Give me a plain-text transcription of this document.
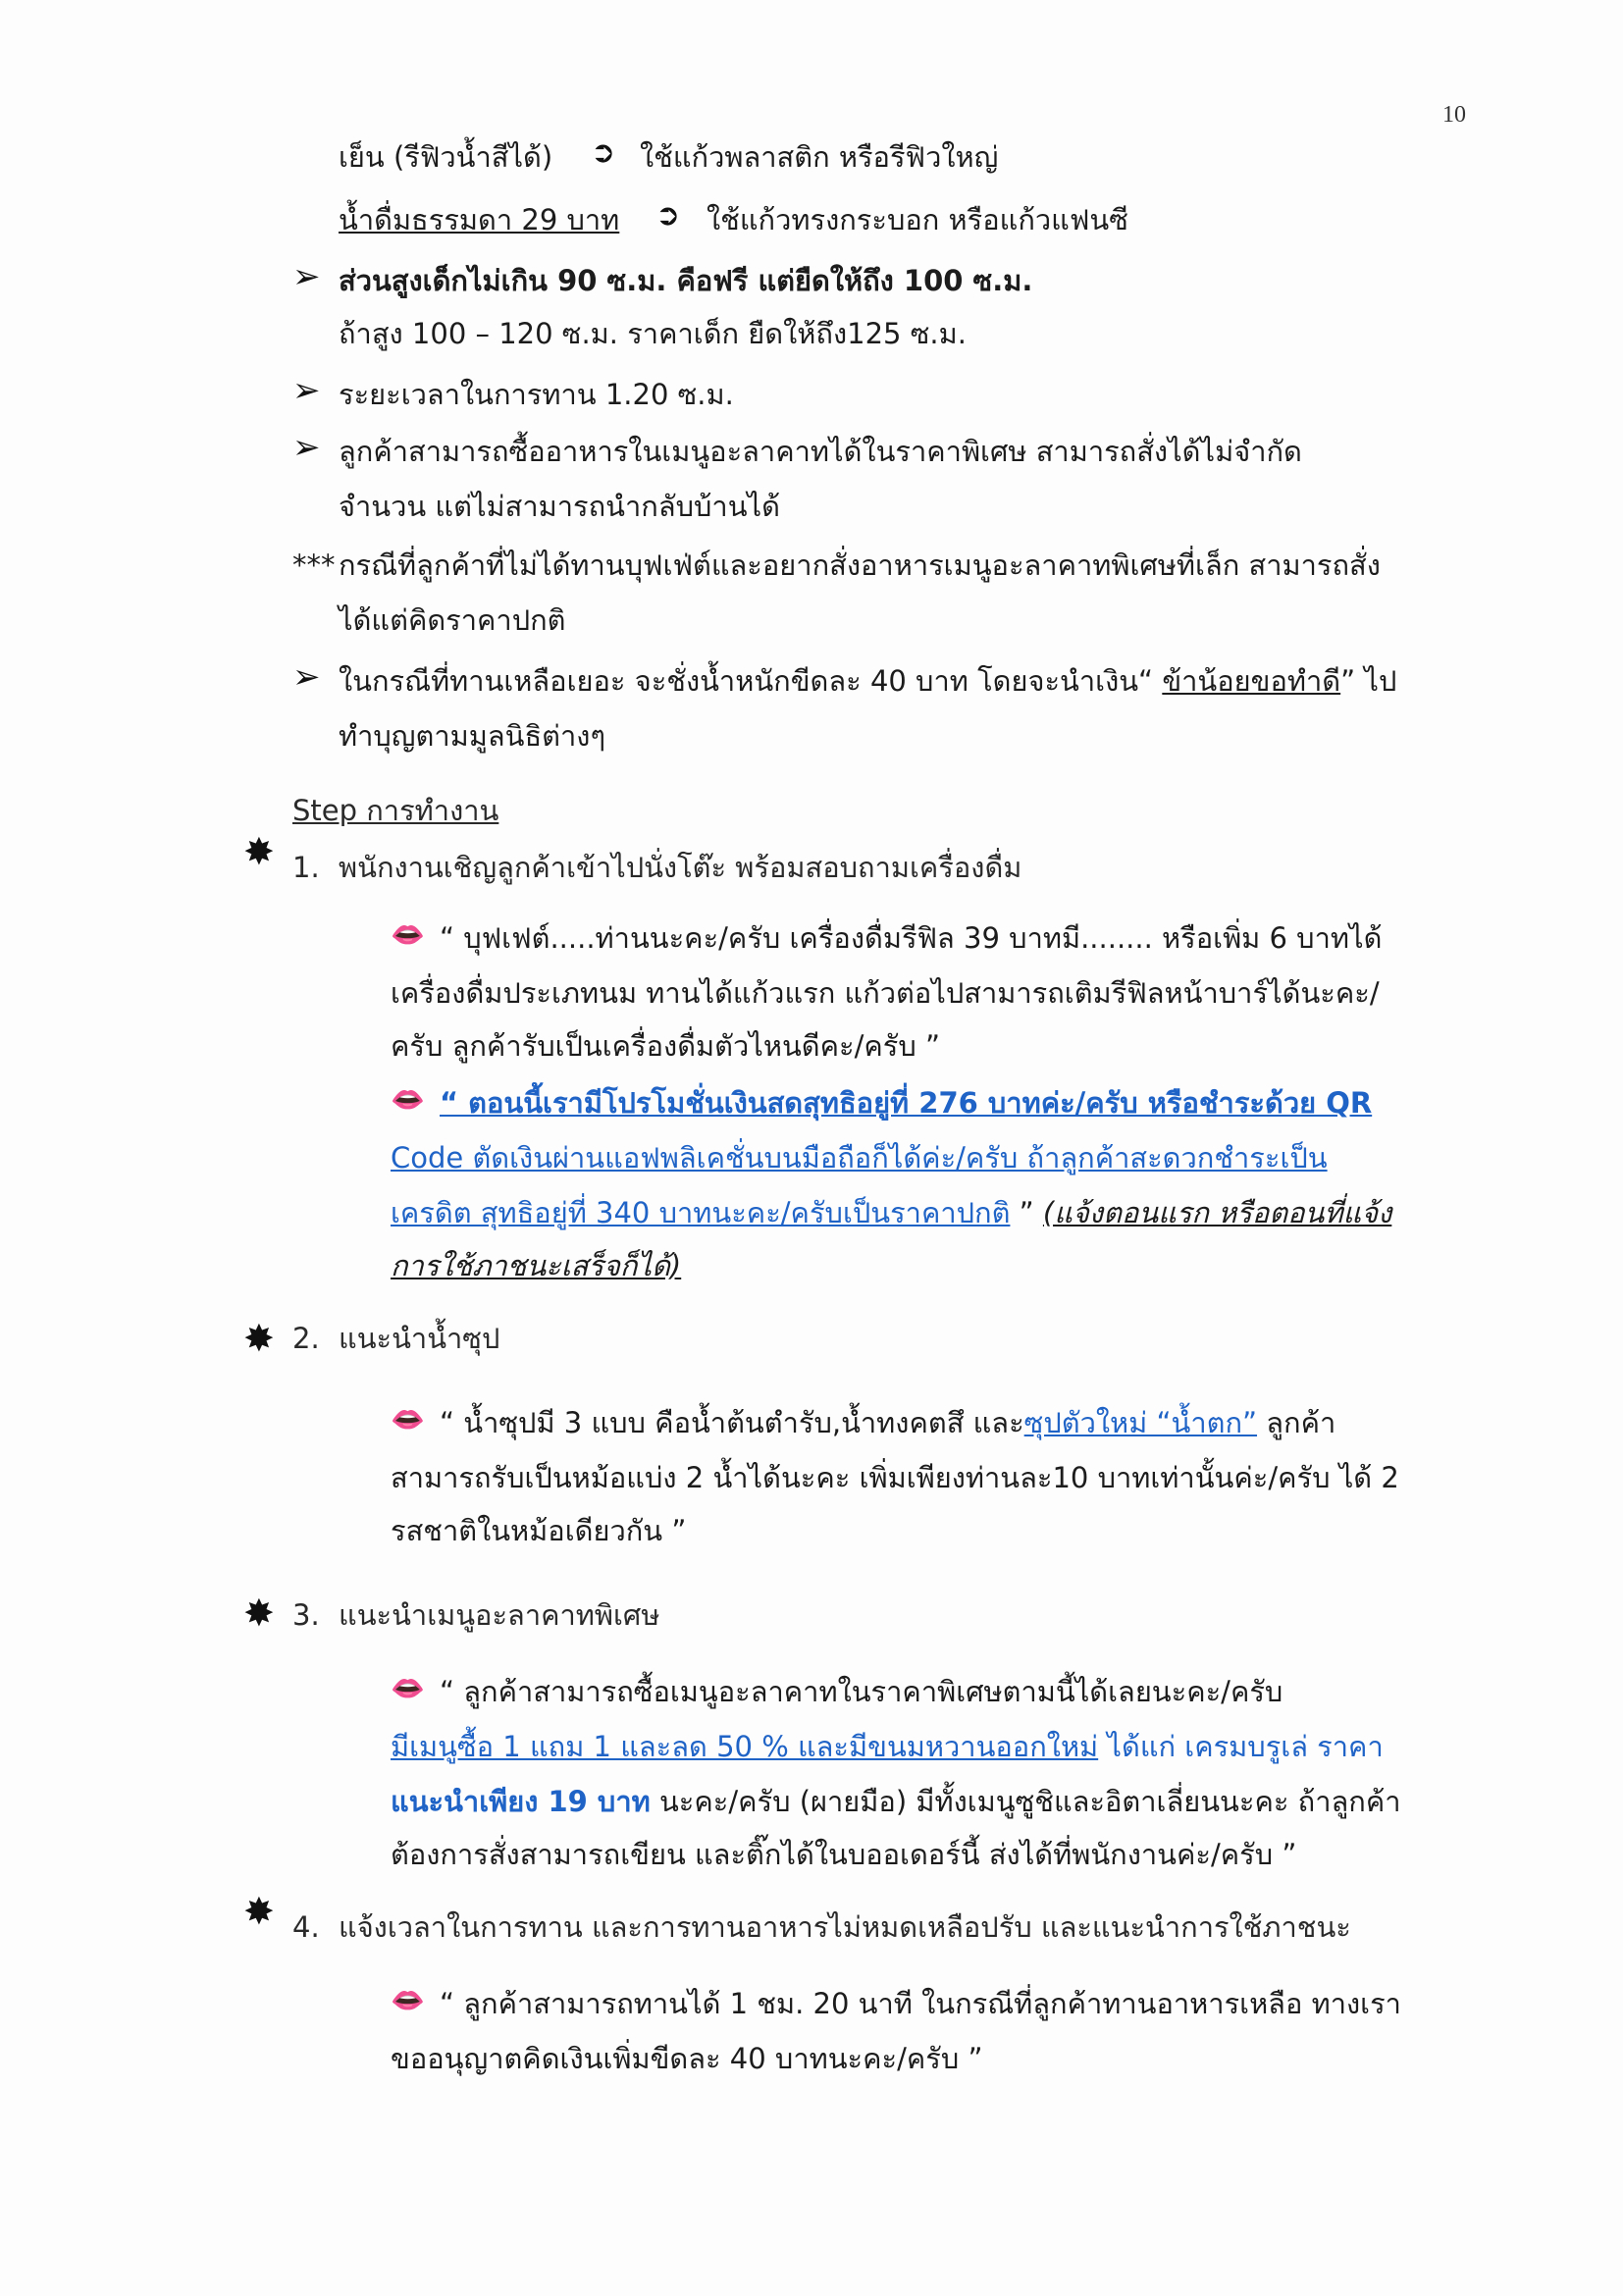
10
เย็น (รีฟิวน้ำสีได้) ➲ ใช้แก้วพลาสติก หรือรีฟิวใหญ่
น้ำดื่มธรรมดา 29 บาท ➲ ใช้แก้วทรงกระบอก หรือแก้วแฟนซี
➢ ส่วนสูงเด็กไม่เกิน 90 ซ.ม. คือฟรี แต่ยืดให้ถึง 100 ซ.ม.
ถ้าสูง 100 – 120 ซ.ม. ราคาเด็ก ยืดให้ถึง125 ซ.ม.
➢ ระยะเวลาในการทาน 1.20 ซ.ม.
➢ ลูกค้าสามารถซื้ออาหารในเมนูอะลาคาทได้ในราคาพิเศษ สามารถสั่งได้ไม่จำกัด
จำนวน แต่ไม่สามารถนำกลับบ้านได้
*** กรณีที่ลูกค้าที่ไม่ได้ทานบุฟเฟ่ต์และอยากสั่งอาหารเมนูอะลาคาทพิเศษที่เล็ก สามารถสั่ง
ได้แต่คิดราคาปกติ
➢ ในกรณีที่ทานเหลือเยอะ จะชั่งน้ำหนักขีดละ 40 บาท โดยจะนำเงิน“ ข้าน้อยขอทำดี” ไป
ทำบุญตามมูลนิธิต่างๆ
Step การทำงาน
✸ 1. พนักงานเชิญลูกค้าเข้าไปนั่งโต๊ะ พร้อมสอบถามเครื่องดื่ม
👄 “ บุฟเฟต์.....ท่านนะคะ/ครับ เครื่องดื่มรีฟิล 39 บาทมี........ หรือเพิ่ม 6 บาทได้
เครื่องดื่มประเภทนม ทานได้แก้วแรก แก้วต่อไปสามารถเติมรีฟิลหน้าบาร์ได้นะคะ/
ครับ ลูกค้ารับเป็นเครื่องดื่มตัวไหนดีคะ/ครับ ”
👄 “ ตอนนี้เรามีโปรโมชั่นเงินสดสุทธิอยู่ที่ 276 บาทค่ะ/ครับ หรือชำระด้วย QR
Code ตัดเงินผ่านแอฟพลิเคชั่นบนมือถือก็ได้ค่ะ/ครับ ถ้าลูกค้าสะดวกชำระเป็น
เครดิต สุทธิอยู่ที่ 340 บาทนะคะ/ครับเป็นราคาปกติ ” (แจ้งตอนแรก หรือตอนที่แจ้ง
การใช้ภาชนะเสร็จก็ได้)
✸ 2. แนะนำน้ำซุป
👄 “ น้ำซุปมี 3 แบบ คือน้ำต้นตำรับ,น้ำทงคตสึ และซุปตัวใหม่ “น้ำตก” ลูกค้า
สามารถรับเป็นหม้อแบ่ง 2 น้ำได้นะคะ เพิ่มเพียงท่านละ10 บาทเท่านั้นค่ะ/ครับ ได้ 2
รสชาติในหม้อเดียวกัน ”
✸ 3. แนะนำเมนูอะลาคาทพิเศษ
👄 “ ลูกค้าสามารถซื้อเมนูอะลาคาทในราคาพิเศษตามนี้ได้เลยนะคะ/ครับ
มีเมนูซื้อ 1 แถม 1 และลด 50 % และมีขนมหวานออกใหม่ ได้แก่ เครมบรูเล่ ราคา
แนะนำเพียง 19 บาท นะคะ/ครับ (ผายมือ) มีทั้งเมนูซูชิและอิตาเลี่ยนนะคะ ถ้าลูกค้า
ต้องการสั่งสามารถเขียน และติ๊กได้ในบออเดอร์นี้ ส่งได้ที่พนักงานค่ะ/ครับ ”
✸ 4. แจ้งเวลาในการทาน และการทานอาหารไม่หมดเหลือปรับ และแนะนำการใช้ภาชนะ
👄 “ ลูกค้าสามารถทานได้ 1 ชม. 20 นาที ในกรณีที่ลูกค้าทานอาหารเหลือ ทางเรา
ขออนุญาตคิดเงินเพิ่มขีดละ 40 บาทนะคะ/ครับ ”
